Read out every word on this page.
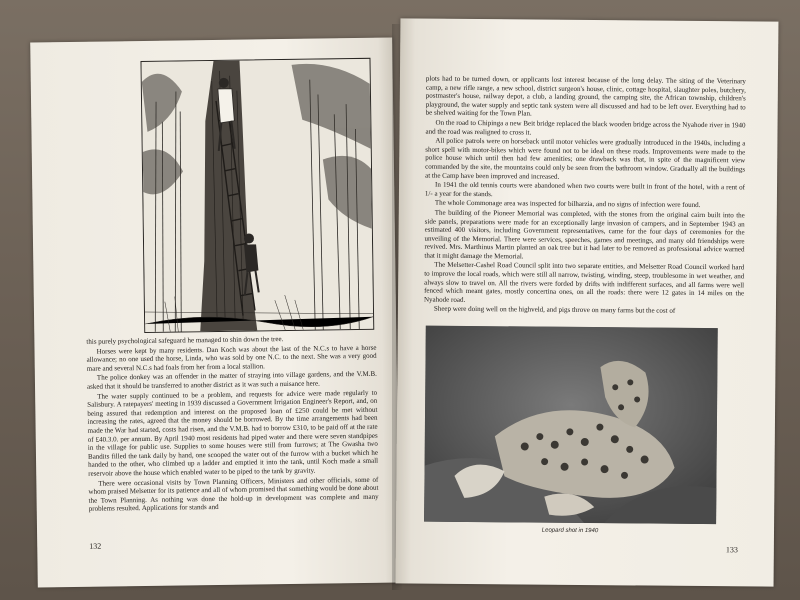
this purely psychological safeguard he managed to shin down the tree.

Horses were kept by many residents. Dan Koch was about the last of the N.C.s to have a horse allowance; no one used the horse, Linda, who was sold by one N.C. to the next. She was a very good mare and several N.C.s had foals from her from a local stallion.

The police donkey was an offender in the matter of straying into village gardens, and the V.M.B. asked that it should be transferred to another district as it was such a nuisance here.

The water supply continued to be a problem, and requests for advice were made regularly to Salisbury. A ratepayers' meeting in 1939 discussed a Government Irrigation Engineer's Report, and, on being assured that redemption and interest on the proposed loan of £250 could be met without increasing the rates, agreed that the money should be borrowed. By the time arrangements had been made the War had started, costs had risen, and the V.M.B. had to borrow £310, to be paid off at the rate of £40.3.0. per annum. By April 1940 most residents had piped water and there were seven standpipes in the village for public use. Supplies to some houses were still from furrows; at The Gwasha two Bandits filled the tank daily by hand, one scooped the water out of the furrow with a bucket which he handed to the other, who climbed up a ladder and emptied it into the tank, until Koch made a small reservoir above the house which enabled water to be piped to the tank by gravity.

There were occasional visits by Town Planning Officers, Ministers and other officials, some of whom praised Melsetter for its patience and all of whom promised that something would be done about the Town Planning. As nothing was done the hold-up in development was complete and many problems resulted. Applications for stands and

132

plots had to be turned down, or applicants lost interest because of the long delay. The siting of the Veterinary camp, a new rifle range, a new school, district surgeon's house, clinic, cottage hospital, slaughter poles, butchery, postmaster's house, railway depot, a club, a landing ground, the camping site, the African township, children's playground, the water supply and septic tank system were all discussed and had to be left over. Everything had to be shelved waiting for the Town Plan.

On the road to Chipinga a new Beit bridge replaced the black wooden bridge across the Nyahode river in 1940 and the road was realigned to cross it.

All police patrols were on horseback until motor vehicles were gradually introduced in the 1940s, including a short spell with motor-bikes which were found not to be ideal on these roads. Improvements were made to the police house which until then had few amenities; one drawback was that, in spite of the magnificent view commanded by the site, the mountains could only be seen from the bathroom window. Gradually all the buildings at the Camp have been improved and increased.

In 1941 the old tennis courts were abandoned when two courts were built in front of the hotel, with a rent of 1/- a year for the stands.

The whole Commonage area was inspected for bilharzia, and no signs of infection were found.

The building of the Pioneer Memorial was completed, with the stones from the original cairn built into the side panels, preparations were made for an exceptionally large invasion of campers, and in September 1943 an estimated 400 visitors, including Government representatives, came for the four days of ceremonies for the unveiling of the Memorial. There were services, speeches, games and meetings, and many old friendships were revived. Mrs. Marthinus Martin planted an oak tree but it had later to be removed as professional advice warned that it might damage the Memorial.

The Melsetter-Cashel Road Council split into two separate entities, and Melsetter Road Council worked hard to improve the local roads, which were still all narrow, twisting, winding, steep, troublesome in wet weather, and always slow to travel on. All the rivers were forded by drifts with indifferent surfaces, and all farms were well fenced which meant gates, mostly concertina ones, on all the roads: there were 12 gates in 14 miles on the Nyahode road.

Sheep were doing well on the highveld, and pigs throve on many farms but the cost of

Leopard shot in 1940
133
